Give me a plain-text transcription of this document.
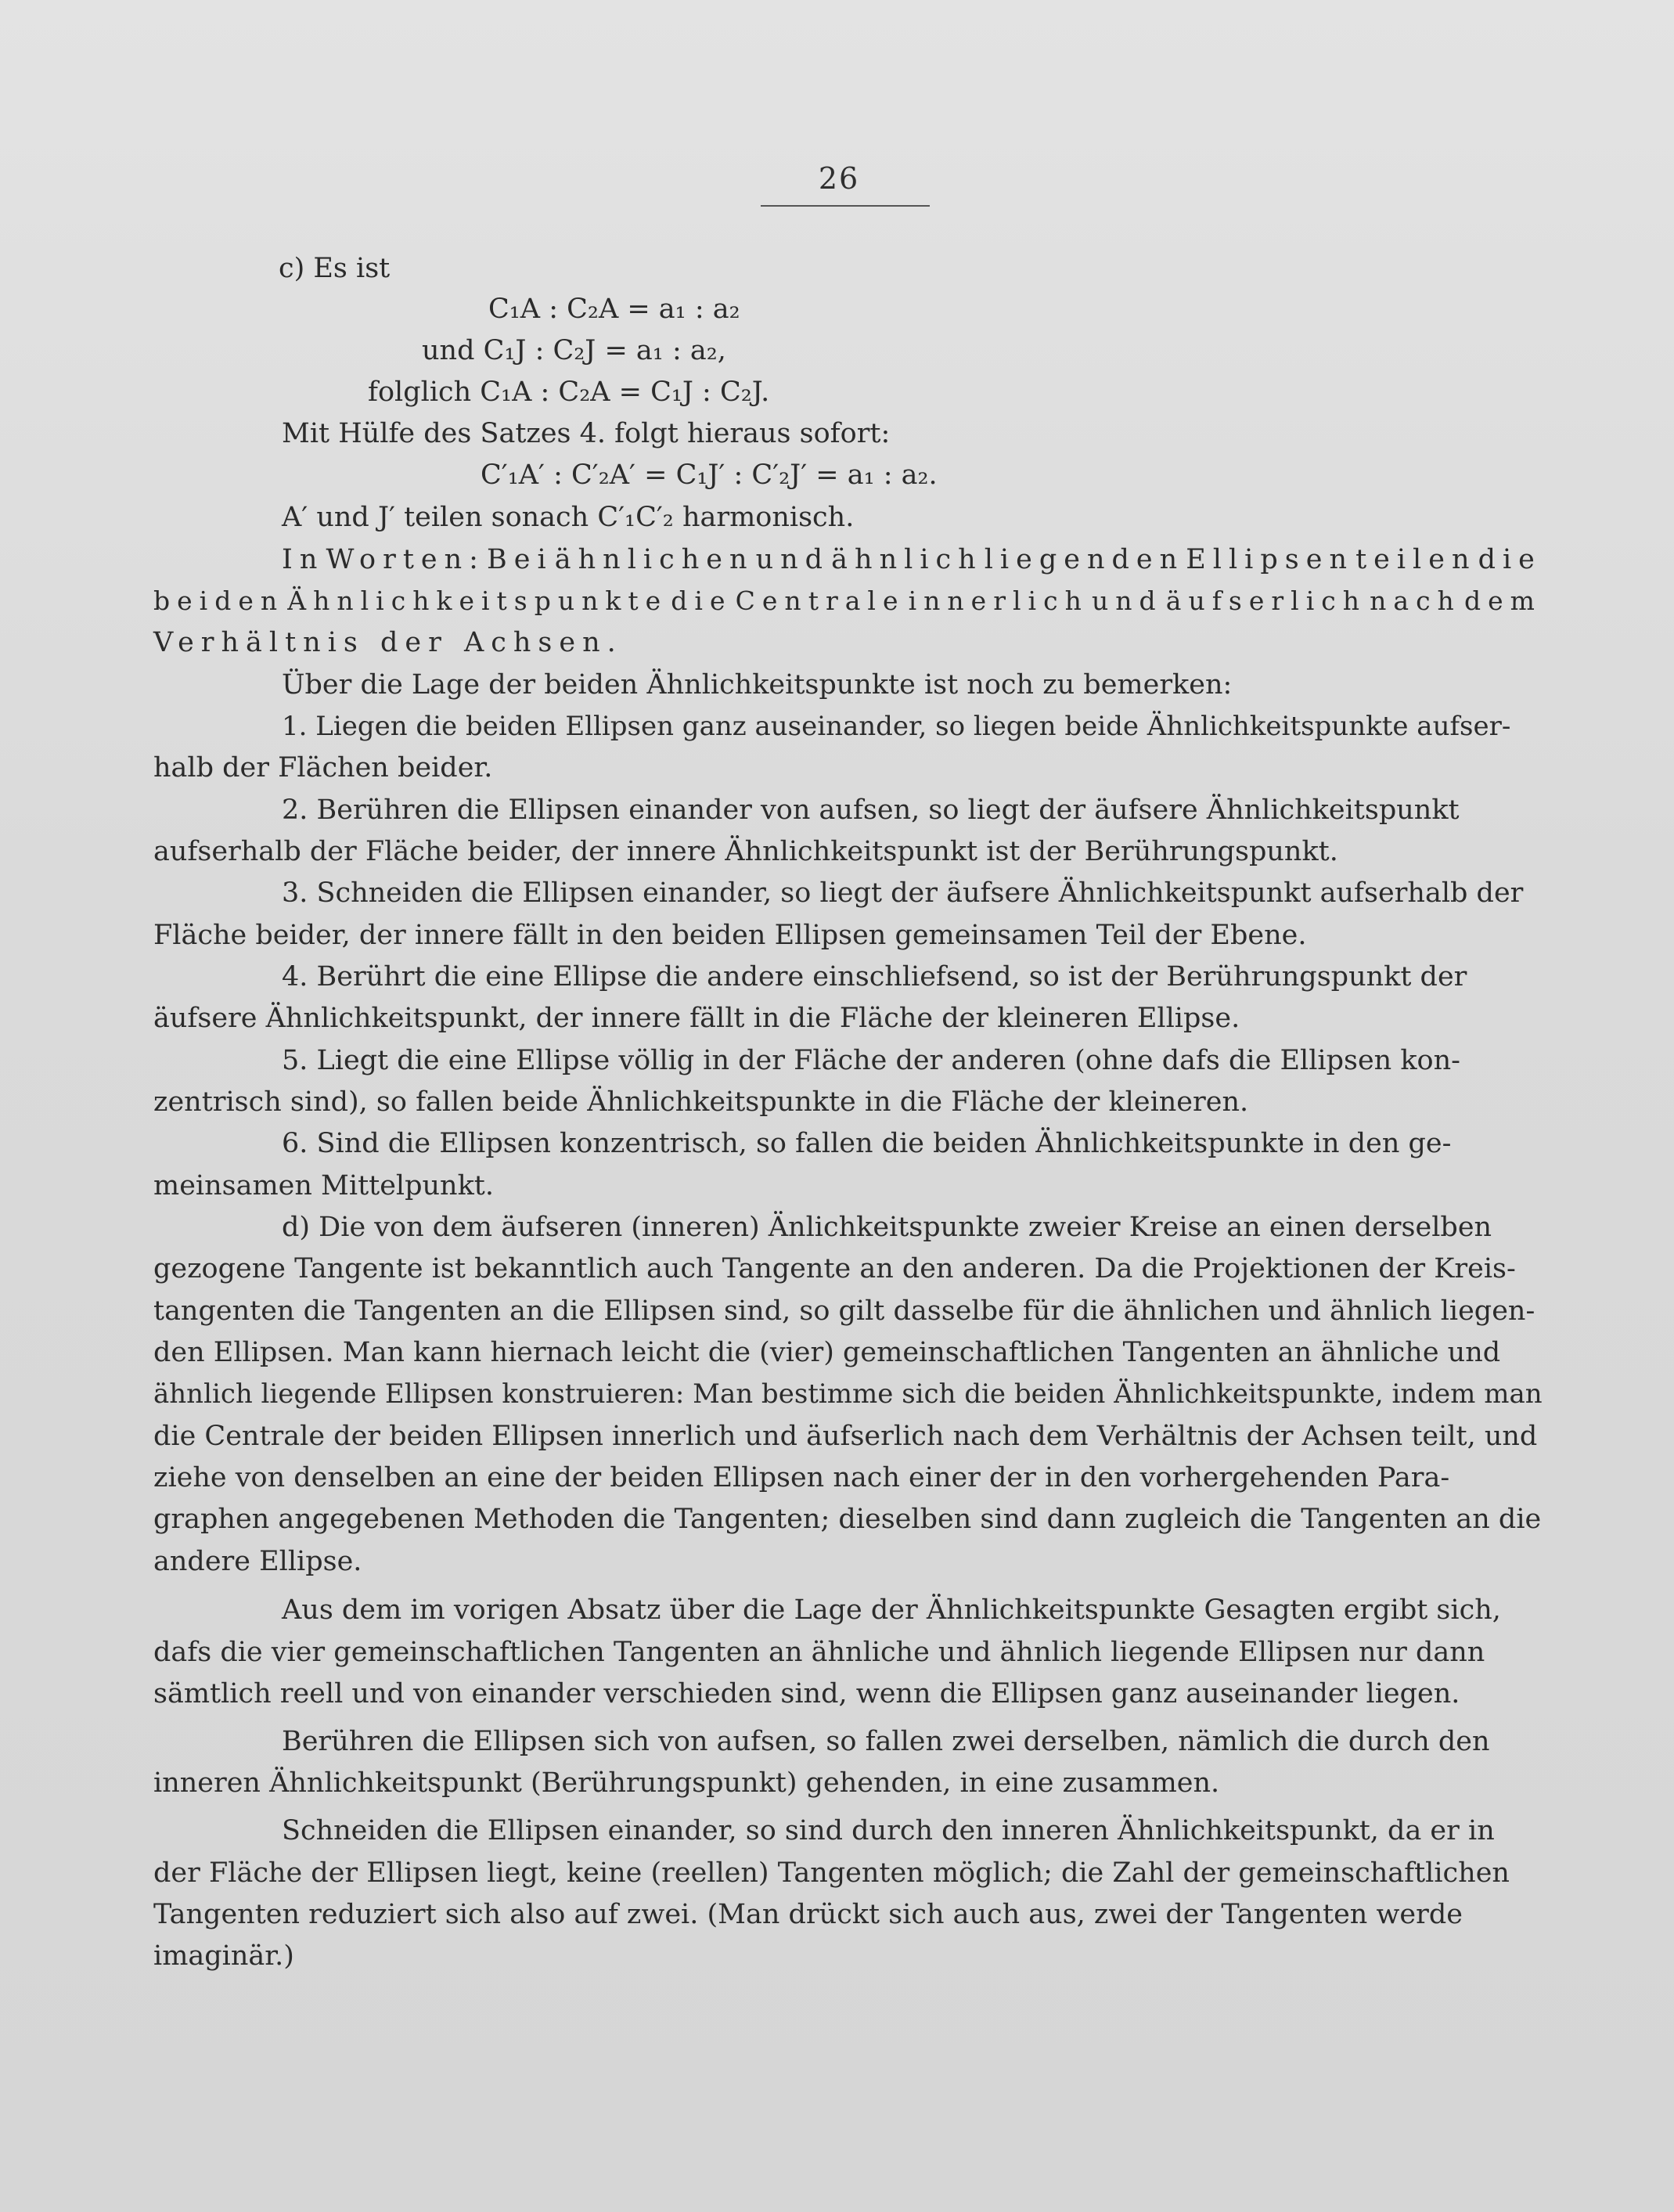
26
c) Es ist
C₁A : C₂A = a₁ : a₂
und C₁J : C₂J = a₁ : a₂,
folglich C₁A : C₂A = C₁J : C₂J.
Mit Hülfe des Satzes 4. folgt hieraus sofort:
C′₁A′ : C′₂A′ = C₁J′ : C′₂J′ = a₁ : a₂.
A′ und J′ teilen sonach C′₁C′₂ harmonisch.
In Worten: Bei ähnlichen und ähnlich liegenden Ellipsen teilen die
beiden Ähnlichkeitspunkte die Centrale innerlich und äufserlich nach dem
Verhältnis der Achsen.
Über die Lage der beiden Ähnlichkeitspunkte ist noch zu bemerken:
1. Liegen die beiden Ellipsen ganz auseinander, so liegen beide Ähnlichkeitspunkte aufser-
halb der Flächen beider.
2. Berühren die Ellipsen einander von aufsen, so liegt der äufsere Ähnlichkeitspunkt
aufserhalb der Fläche beider, der innere Ähnlichkeitspunkt ist der Berührungspunkt.
3. Schneiden die Ellipsen einander, so liegt der äufsere Ähnlichkeitspunkt aufserhalb der
Fläche beider, der innere fällt in den beiden Ellipsen gemeinsamen Teil der Ebene.
4. Berührt die eine Ellipse die andere einschliefsend, so ist der Berührungspunkt der
äufsere Ähnlichkeitspunkt, der innere fällt in die Fläche der kleineren Ellipse.
5. Liegt die eine Ellipse völlig in der Fläche der anderen (ohne dafs die Ellipsen kon-
zentrisch sind), so fallen beide Ähnlichkeitspunkte in die Fläche der kleineren.
6. Sind die Ellipsen konzentrisch, so fallen die beiden Ähnlichkeitspunkte in den ge-
meinsamen Mittelpunkt.
d) Die von dem äufseren (inneren) Änlichkeitspunkte zweier Kreise an einen derselben
gezogene Tangente ist bekanntlich auch Tangente an den anderen. Da die Projektionen der Kreis-
tangenten die Tangenten an die Ellipsen sind, so gilt dasselbe für die ähnlichen und ähnlich liegen-
den Ellipsen. Man kann hiernach leicht die (vier) gemeinschaftlichen Tangenten an ähnliche und
ähnlich liegende Ellipsen konstruieren: Man bestimme sich die beiden Ähnlichkeitspunkte, indem man
die Centrale der beiden Ellipsen innerlich und äufserlich nach dem Verhältnis der Achsen teilt, und
ziehe von denselben an eine der beiden Ellipsen nach einer der in den vorhergehenden Para-
graphen angegebenen Methoden die Tangenten; dieselben sind dann zugleich die Tangenten an die
andere Ellipse.
Aus dem im vorigen Absatz über die Lage der Ähnlichkeitspunkte Gesagten ergibt sich,
dafs die vier gemeinschaftlichen Tangenten an ähnliche und ähnlich liegende Ellipsen nur dann
sämtlich reell und von einander verschieden sind, wenn die Ellipsen ganz auseinander liegen.
Berühren die Ellipsen sich von aufsen, so fallen zwei derselben, nämlich die durch den
inneren Ähnlichkeitspunkt (Berührungspunkt) gehenden, in eine zusammen.
Schneiden die Ellipsen einander, so sind durch den inneren Ähnlichkeitspunkt, da er in
der Fläche der Ellipsen liegt, keine (reellen) Tangenten möglich; die Zahl der gemeinschaftlichen
Tangenten reduziert sich also auf zwei. (Man drückt sich auch aus, zwei der Tangenten werde
imaginär.)
